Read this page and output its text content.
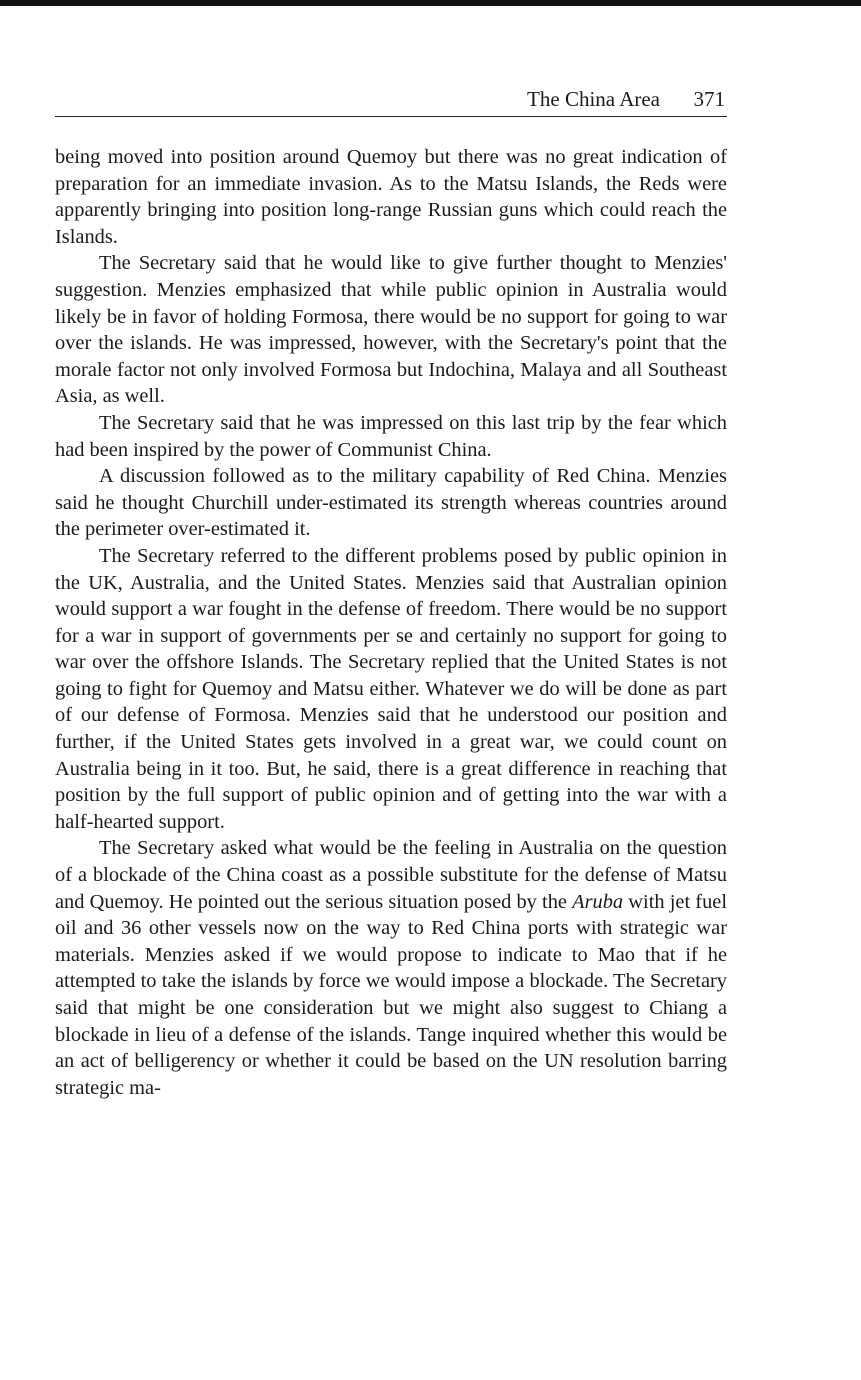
The China Area 371

being moved into position around Quemoy but there was no great indication of preparation for an immediate invasion. As to the Matsu Islands, the Reds were apparently bringing into position long-range Russian guns which could reach the Islands.

The Secretary said that he would like to give further thought to Menzies' suggestion. Menzies emphasized that while public opinion in Australia would likely be in favor of holding Formosa, there would be no support for going to war over the islands. He was impressed, however, with the Secretary's point that the morale factor not only involved Formosa but Indochina, Malaya and all Southeast Asia, as well.

The Secretary said that he was impressed on this last trip by the fear which had been inspired by the power of Communist China.

A discussion followed as to the military capability of Red China. Menzies said he thought Churchill under-estimated its strength whereas countries around the perimeter over-estimated it.

The Secretary referred to the different problems posed by public opinion in the UK, Australia, and the United States. Menzies said that Australian opinion would support a war fought in the defense of freedom. There would be no support for a war in support of governments per se and certainly no support for going to war over the offshore Islands. The Secretary replied that the United States is not going to fight for Quemoy and Matsu either. Whatever we do will be done as part of our defense of Formosa. Menzies said that he understood our position and further, if the United States gets involved in a great war, we could count on Australia being in it too. But, he said, there is a great difference in reaching that position by the full support of public opinion and of getting into the war with a half-hearted support.

The Secretary asked what would be the feeling in Australia on the question of a blockade of the China coast as a possible substitute for the defense of Matsu and Quemoy. He pointed out the serious situation posed by the Aruba with jet fuel oil and 36 other vessels now on the way to Red China ports with strategic war materials. Menzies asked if we would propose to indicate to Mao that if he attempted to take the islands by force we would impose a blockade. The Secretary said that might be one consideration but we might also suggest to Chiang a blockade in lieu of a defense of the islands. Tange inquired whether this would be an act of belligerency or whether it could be based on the UN resolution barring strategic ma-
